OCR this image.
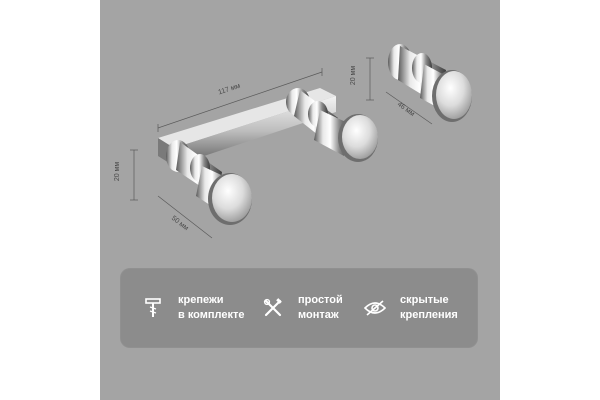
117 мм
20 мм
50 мм
20 мм
46 мм
крепежи
в комплекте
простой
монтаж
скрытые
крепления
